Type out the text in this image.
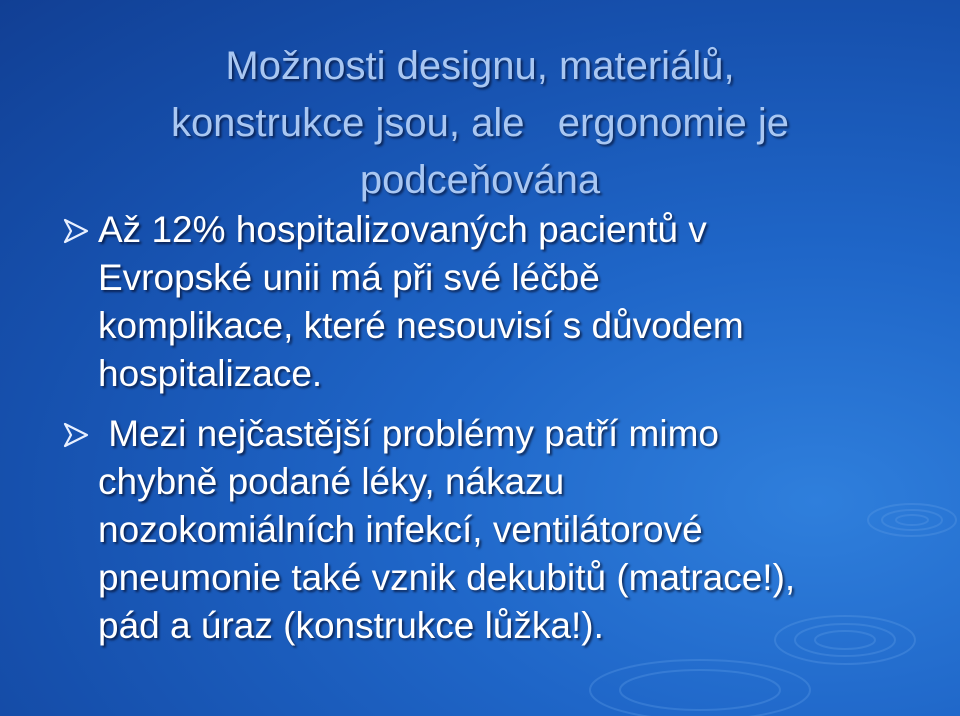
Možnosti designu, materiálů,
konstrukce jsou, ale   ergonomie je
podceňována
Až 12% hospitalizovaných pacientů v
Evropské unii má při své léčbě
komplikace, které nesouvisí s důvodem
hospitalizace.
Mezi nejčastější problémy patří mimo
chybně podané léky, nákazu
nozokomiálních infekcí, ventilátorové
pneumonie také vznik dekubitů (matrace!),
pád a úraz (konstrukce lůžka!).
